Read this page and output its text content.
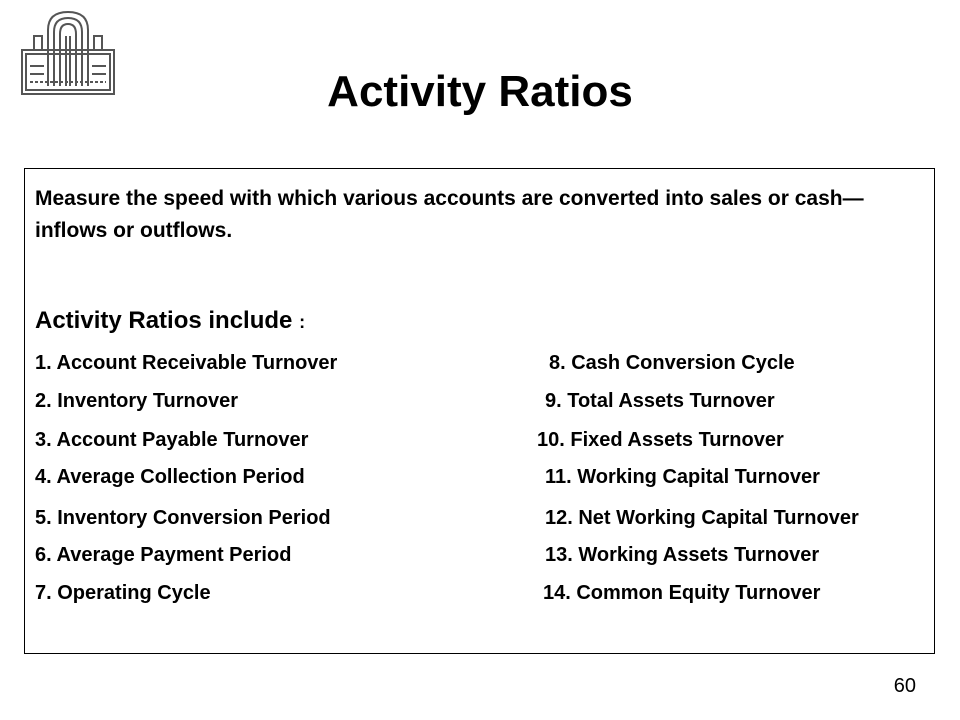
Activity Ratios

Measure the speed with which various accounts are converted into sales or cash—inflows or outflows.

Activity Ratios include :

1. Account Receivable Turnover
2. Inventory Turnover
3. Account Payable Turnover
4. Average Collection Period
5. Inventory Conversion Period
6. Average Payment Period
7. Operating Cycle
8. Cash Conversion Cycle
9. Total Assets Turnover
10. Fixed Assets Turnover
11. Working Capital Turnover
12. Net Working Capital Turnover
13. Working Assets Turnover
14. Common Equity Turnover
60
